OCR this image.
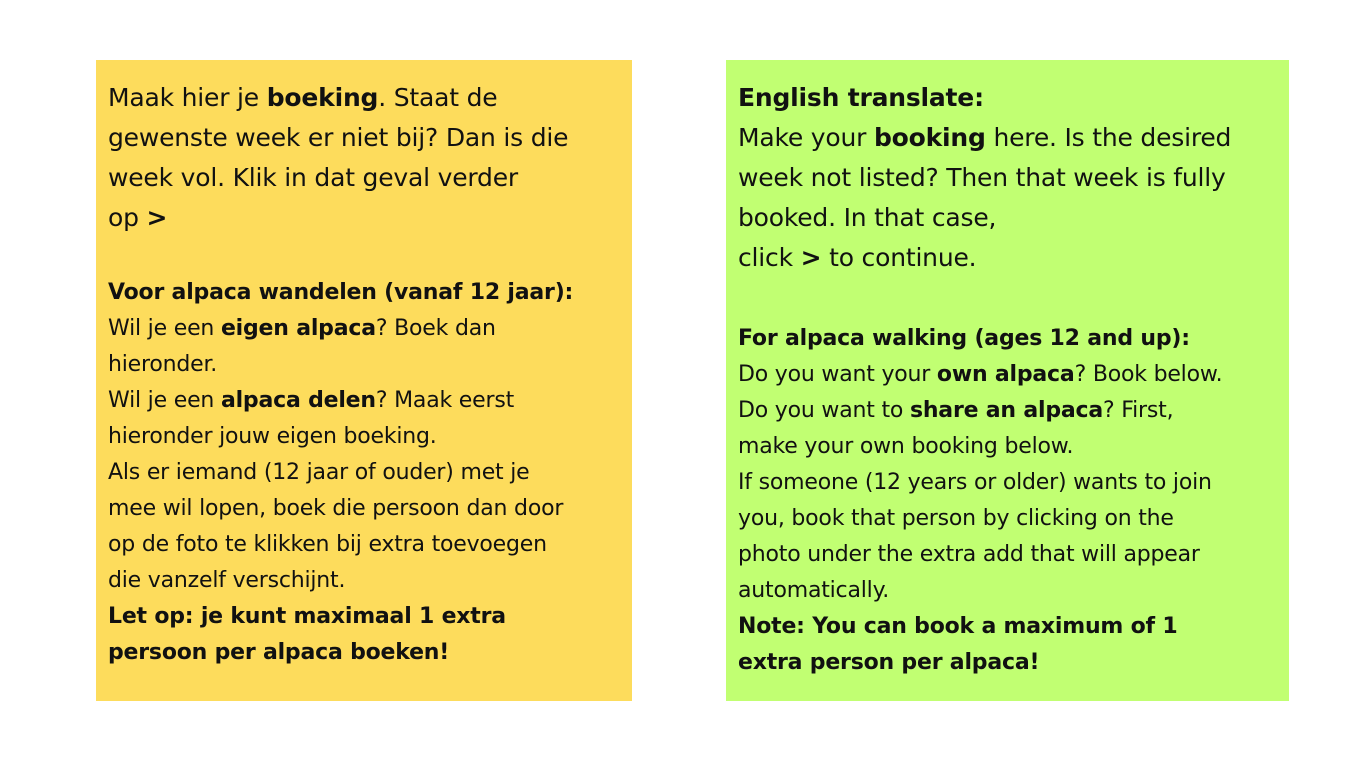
Maak hier je boeking. Staat de
gewenste week er niet bij? Dan is die
week vol. Klik in dat geval verder
op >

Voor alpaca wandelen (vanaf 12 jaar):
Wil je een eigen alpaca? Boek dan
hieronder.
Wil je een alpaca delen? Maak eerst
hieronder jouw eigen boeking.
Als er iemand (12 jaar of ouder) met je
mee wil lopen, boek die persoon dan door
op de foto te klikken bij extra toevoegen
die vanzelf verschijnt.
Let op: je kunt maximaal 1 extra
persoon per alpaca boeken!

English translate:
Make your booking here. Is the desired
week not listed? Then that week is fully
booked. In that case,
click > to continue.

For alpaca walking (ages 12 and up):
Do you want your own alpaca? Book below.
Do you want to share an alpaca? First,
make your own booking below.
If someone (12 years or older) wants to join
you, book that person by clicking on the
photo under the extra add that will appear
automatically.
Note: You can book a maximum of 1
extra person per alpaca!
